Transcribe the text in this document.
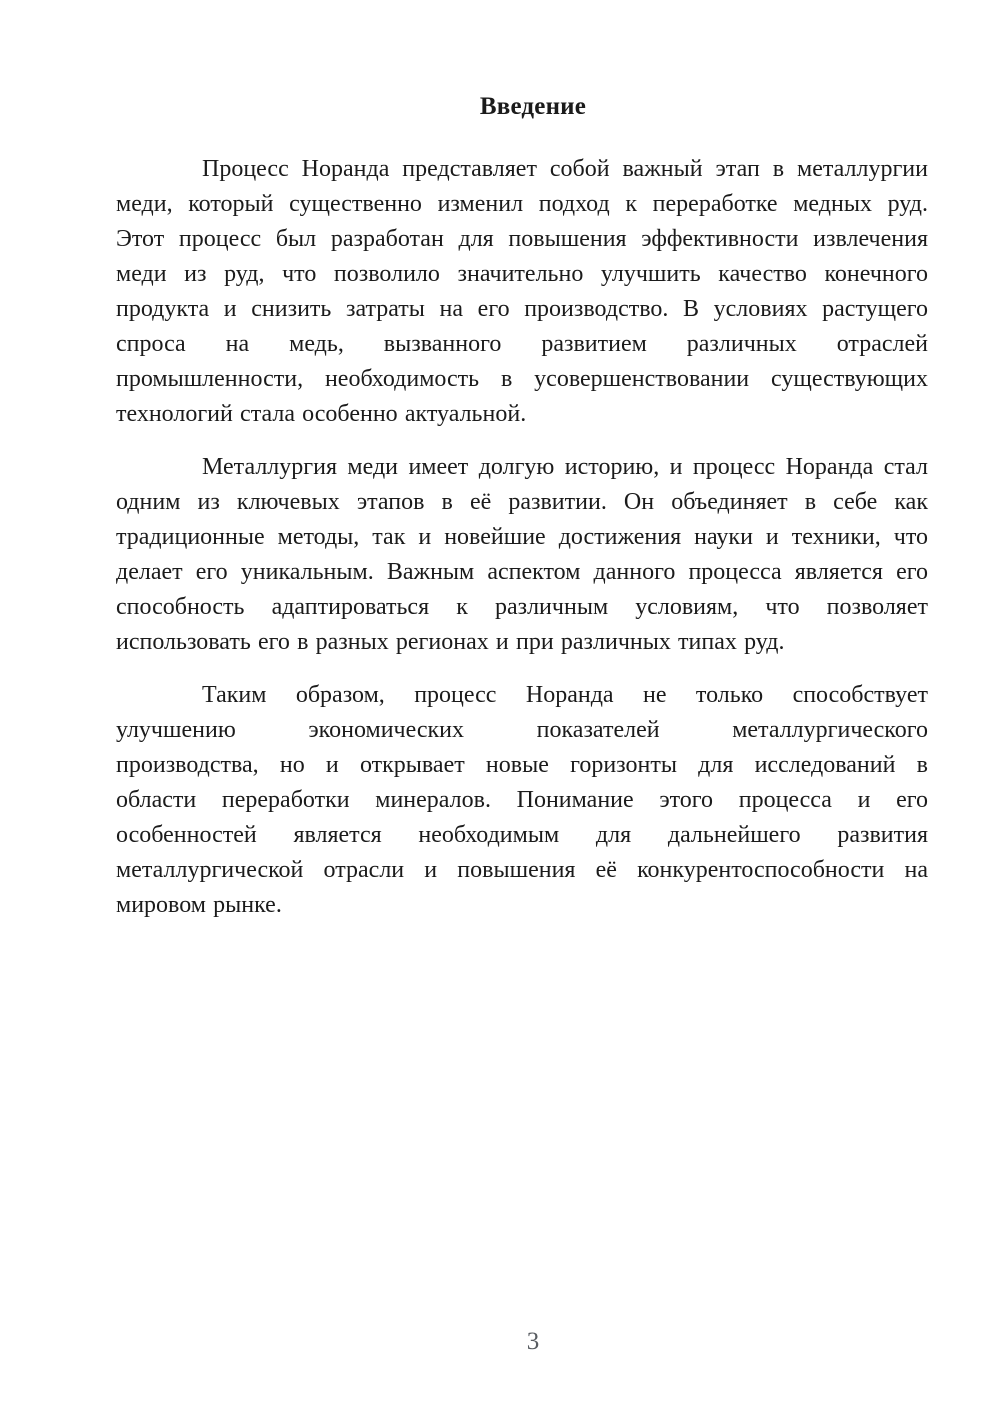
Введение
Процесс Норанда представляет собой важный этап в металлургии
меди, который существенно изменил подход к переработке медных руд.
Этот процесс был разработан для повышения эффективности извлечения
меди из руд, что позволило значительно улучшить качество конечного
продукта и снизить затраты на его производство. В условиях растущего
спроса на медь, вызванного развитием различных отраслей
промышленности, необходимость в усовершенствовании существующих
технологий стала особенно актуальной.
Металлургия меди имеет долгую историю, и процесс Норанда стал
одним из ключевых этапов в её развитии. Он объединяет в себе как
традиционные методы, так и новейшие достижения науки и техники, что
делает его уникальным. Важным аспектом данного процесса является его
способность адаптироваться к различным условиям, что позволяет
использовать его в разных регионах и при различных типах руд.
Таким образом, процесс Норанда не только способствует
улучшению экономических показателей металлургического
производства, но и открывает новые горизонты для исследований в
области переработки минералов. Понимание этого процесса и его
особенностей является необходимым для дальнейшего развития
металлургической отрасли и повышения её конкурентоспособности на
мировом рынке.
3
